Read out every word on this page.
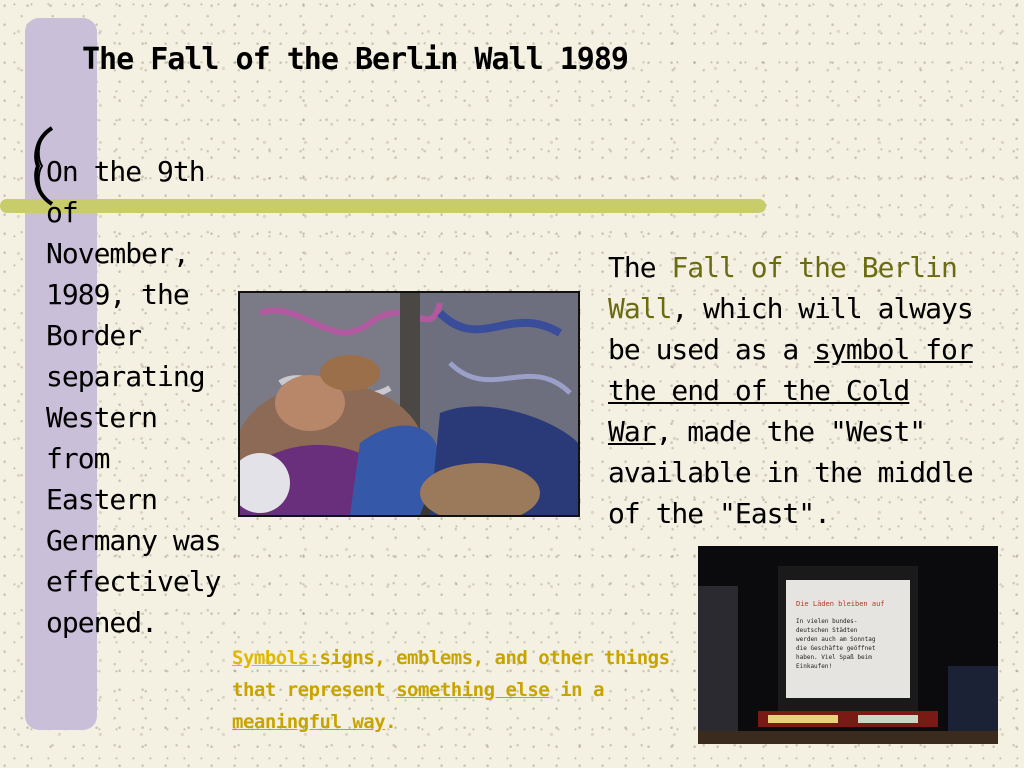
The Fall of the Berlin Wall 1989
On the 9th of November, 1989, the Border separating Western from Eastern Germany was effectively opened.
The Fall of the Berlin Wall, which will always be used as a symbol for the end of the Cold War, made the "West" available in the middle of the "East".
Symbols:signs, emblems, and other things that represent something else in a meaningful way.
Die Läden bleiben auf
In vielen bundes-
deutschen Städten
werden auch am Sonntag
die Geschäfte geöffnet
haben. Viel Spaß beim
Einkaufen!
